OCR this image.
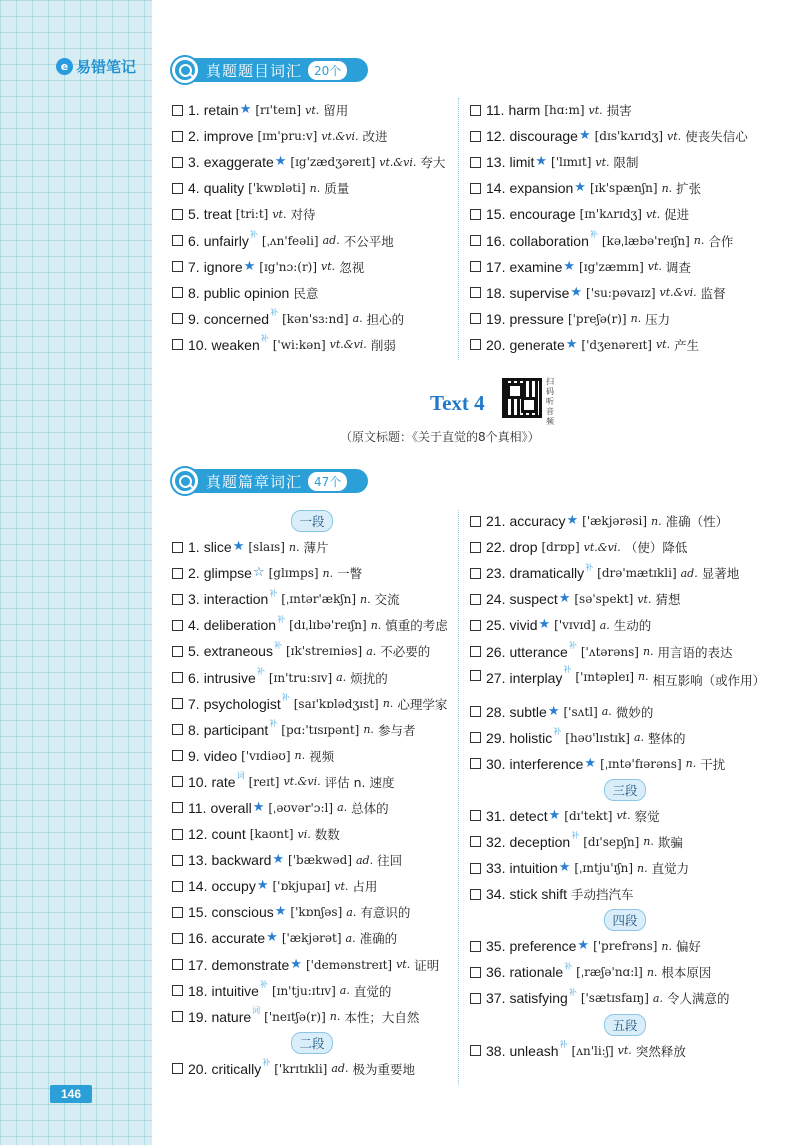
e 易错笔记
146
真题题目词汇	20个
1. retain ★ [rɪ'teɪn] vt. 留用
2. improve [ɪm'pru:v] vt.&vi. 改进
3. exaggerate ★ [ɪg'zædʒəreɪt] vt.&vi. 夸大
4. quality ['kwɒləti] n. 质量
5. treat [tri:t] vt. 对待
6. unfairly 补 [ˌʌn'feəli] ad. 不公平地
7. ignore ★ [ɪg'nɔ:(r)] vt. 忽视
8. public opinion 民意
9. concerned 补 [kən'sɜ:nd] a. 担心的
10. weaken 补 ['wi:kən] vt.&vi. 削弱
11. harm [hɑ:m] vt. 损害
12. discourage ★ [dɪs'kʌrɪdʒ] vt. 使丧失信心
13. limit ★ ['lɪmɪt] vt. 限制
14. expansion ★ [ɪk'spænʃn] n. 扩张
15. encourage [ɪn'kʌrɪdʒ] vt. 促进
16. collaboration 补 [kəˌlæbə'reɪʃn] n. 合作
17. examine ★ [ɪg'zæmɪn] vt. 调查
18. supervise ★ ['su:pəvaɪz] vt.&vi. 监督
19. pressure ['preʃə(r)] n. 压力
20. generate ★ ['dʒenəreɪt] vt. 产生
Text 4
扫码听音频
（原文标题：《关于直觉的8个真相》）
真题篇章词汇	47个
一段
1. slice ★ [slaɪs] n. 薄片
2. glimpse ☆ [glɪmps] n. 一瞥
3. interaction 补 [ˌɪntər'ækʃn] n. 交流
4. deliberation 补 [dɪˌlɪbə'reɪʃn] n. 慎重的考虑
5. extraneous 补 [ɪk'streɪniəs] a. 不必要的
6. intrusive 补 [ɪn'tru:sɪv] a. 烦扰的
7. psychologist 补 [saɪ'kɒlədʒɪst] n. 心理学家
8. participant 补 [pɑ:'tɪsɪpənt] n. 参与者
9. video ['vɪdiəʊ] n. 视频
10. rate 词 [reɪt] vt.&vi. 评估 n. 速度
11. overall ★ [ˌəʊvər'ɔ:l] a. 总体的
12. count [kaʊnt] vi. 数数
13. backward ★ ['bækwəd] ad. 往回
14. occupy ★ ['ɒkjupaɪ] vt. 占用
15. conscious ★ ['kɒnʃəs] a. 有意识的
16. accurate ★ ['ækjərət] a. 准确的
17. demonstrate ★ ['demənstreɪt] vt. 证明
18. intuitive 补 [ɪn'tju:ɪtɪv] a. 直觉的
19. nature 词 ['neɪtʃə(r)] n. 本性；大自然
二段
20. critically 补 ['krɪtɪkli] ad. 极为重要地
21. accuracy ★ ['ækjərəsi] n. 准确（性）
22. drop [drɒp] vt.&vi. （使）降低
23. dramatically 补 [drə'mætɪkli] ad. 显著地
24. suspect ★ [sə'spekt] vt. 猜想
25. vivid ★ ['vɪvɪd] a. 生动的
26. utterance 补 ['ʌtərəns] n. 用言语的表达
27. interplay
补
['ɪntəpleɪ] n. 相互影响（或作用）
28. subtle ★ ['sʌtl] a. 微妙的
29. holistic 补 [həʊ'lɪstɪk] a. 整体的
30. interference ★ [ˌɪntə'fɪərəns] n. 干扰
三段
31. detect ★ [dɪ'tekt] vt. 察觉
32. deception 补 [dɪ'sepʃn] n. 欺骗
33. intuition ★ [ˌɪntju'ɪʃn] n. 直觉力
34. stick shift 手动挡汽车
四段
35. preference ★ ['prefrəns] n. 偏好
36. rationale 补 [ˌræʃə'nɑ:l] n. 根本原因
37. satisfying 补 ['sætɪsfaɪŋ] a. 令人满意的
五段
38. unleash 补 [ʌn'li:ʃ] vt. 突然释放
